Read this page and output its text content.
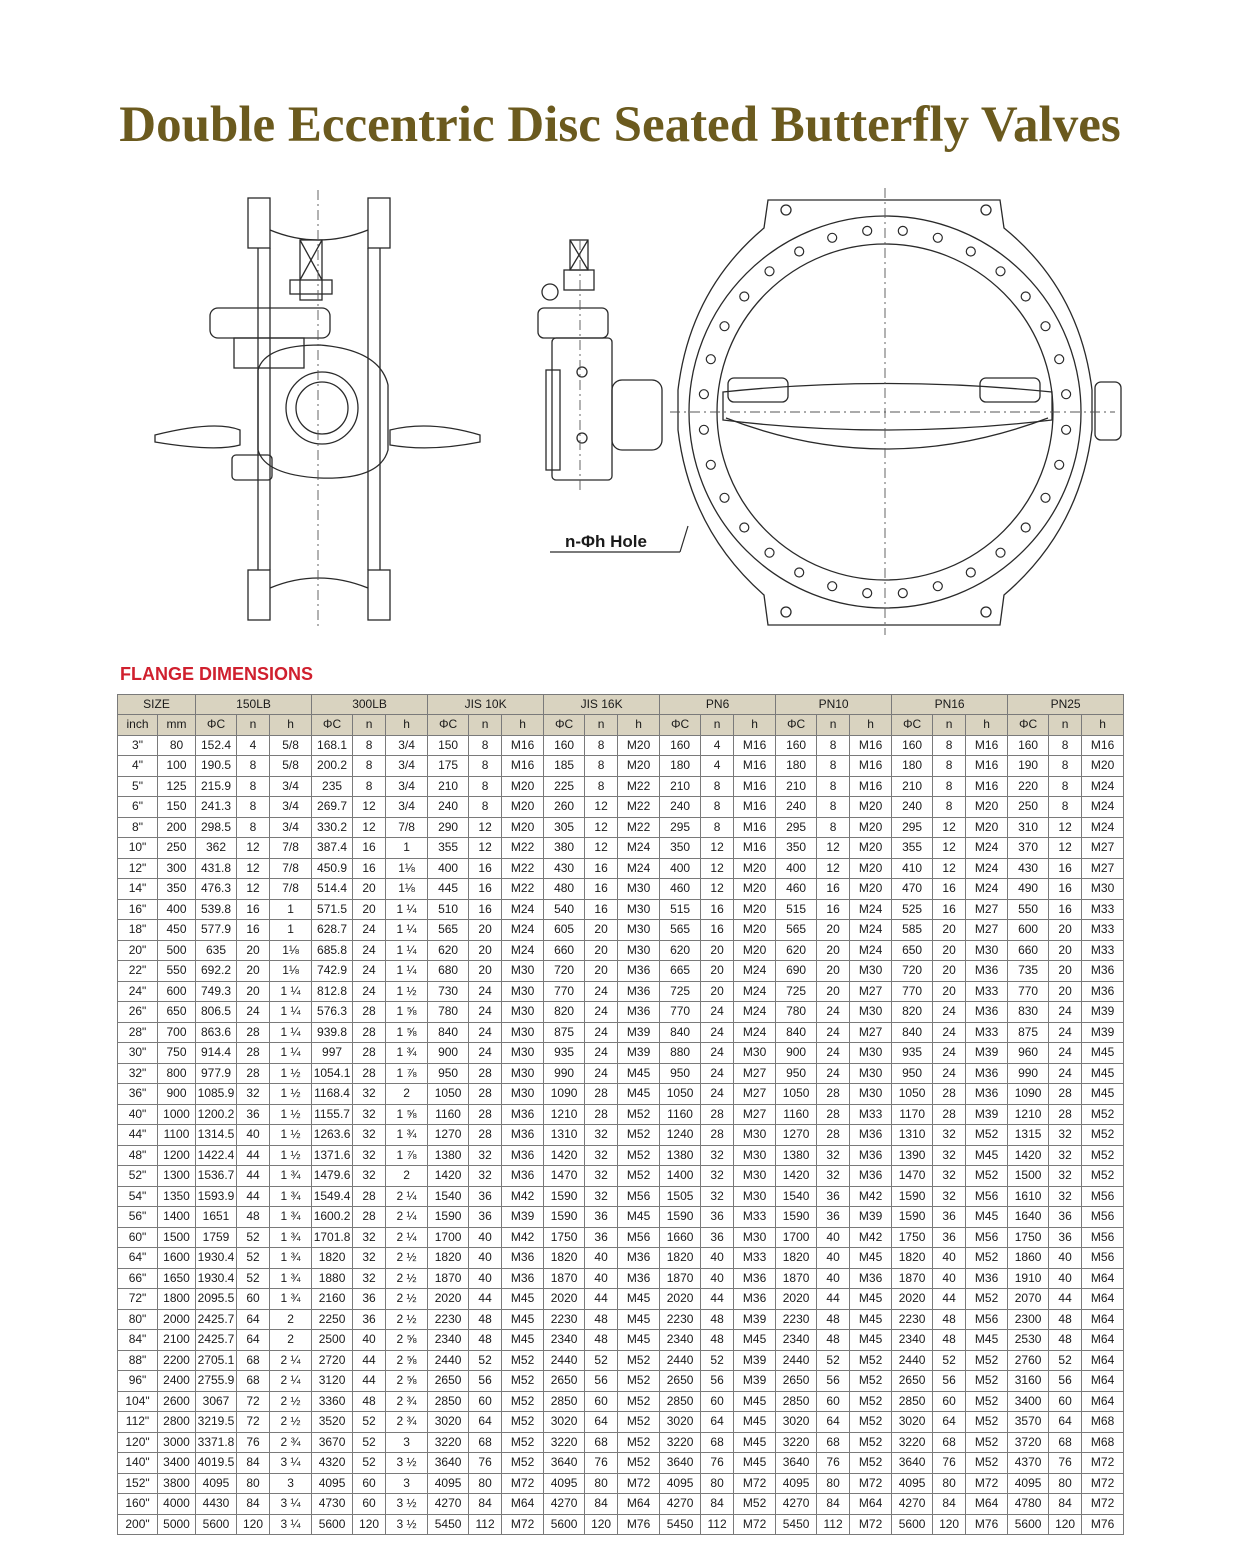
Double Eccentric Disc Seated Butterfly Valves
n-Φh Hole
FLANGE DIMENSIONS
SIZE		150LB			300LB			JIS 10K			JIS 16K			PN6			PN10			PN16			PN25		
inch	mm	ΦC	n	h	ΦC	n	h	ΦC	n	h	ΦC	n	h	ΦC	n	h	ΦC	n	h	ΦC	n	h	ΦC	n	h
3"	80	152.4	4	5/8	168.1	8	3/4	150	8	M16	160	8	M20	160	4	M16	160	8	M16	160	8	M16	160	8	M16
4"	100	190.5	8	5/8	200.2	8	3/4	175	8	M16	185	8	M20	180	4	M16	180	8	M16	180	8	M16	190	8	M20
5"	125	215.9	8	3/4	235	8	3/4	210	8	M20	225	8	M22	210	8	M16	210	8	M16	210	8	M16	220	8	M24
6"	150	241.3	8	3/4	269.7	12	3/4	240	8	M20	260	12	M22	240	8	M16	240	8	M20	240	8	M20	250	8	M24
8"	200	298.5	8	3/4	330.2	12	7/8	290	12	M20	305	12	M22	295	8	M16	295	8	M20	295	12	M20	310	12	M24
10"	250	362	12	7/8	387.4	16	1	355	12	M22	380	12	M24	350	12	M16	350	12	M20	355	12	M24	370	12	M27
12"	300	431.8	12	7/8	450.9	16	1⅛	400	16	M22	430	16	M24	400	12	M20	400	12	M20	410	12	M24	430	16	M27
14"	350	476.3	12	7/8	514.4	20	1⅛	445	16	M22	480	16	M30	460	12	M20	460	16	M20	470	16	M24	490	16	M30
16"	400	539.8	16	1	571.5	20	1 ¼	510	16	M24	540	16	M30	515	16	M20	515	16	M24	525	16	M27	550	16	M33
18"	450	577.9	16	1	628.7	24	1 ¼	565	20	M24	605	20	M30	565	16	M20	565	20	M24	585	20	M27	600	20	M33
20"	500	635	20	1⅛	685.8	24	1 ¼	620	20	M24	660	20	M30	620	20	M20	620	20	M24	650	20	M30	660	20	M33
22"	550	692.2	20	1⅛	742.9	24	1 ¼	680	20	M30	720	20	M36	665	20	M24	690	20	M30	720	20	M36	735	20	M36
24"	600	749.3	20	1 ¼	812.8	24	1 ½	730	24	M30	770	24	M36	725	20	M24	725	20	M27	770	20	M33	770	20	M36
26"	650	806.5	24	1 ¼	576.3	28	1 ⅝	780	24	M30	820	24	M36	770	24	M24	780	24	M30	820	24	M36	830	24	M39
28"	700	863.6	28	1 ¼	939.8	28	1 ⅝	840	24	M30	875	24	M39	840	24	M24	840	24	M27	840	24	M33	875	24	M39
30"	750	914.4	28	1 ¼	997	28	1 ¾	900	24	M30	935	24	M39	880	24	M30	900	24	M30	935	24	M39	960	24	M45
32"	800	977.9	28	1 ½	1054.1	28	1 ⅞	950	28	M30	990	24	M45	950	24	M27	950	24	M30	950	24	M36	990	24	M45
36"	900	1085.9	32	1 ½	1168.4	32	2	1050	28	M30	1090	28	M45	1050	24	M27	1050	28	M30	1050	28	M36	1090	28	M45
40"	1000	1200.2	36	1 ½	1155.7	32	1 ⅝	1160	28	M36	1210	28	M52	1160	28	M27	1160	28	M33	1170	28	M39	1210	28	M52
44"	1100	1314.5	40	1 ½	1263.6	32	1 ¾	1270	28	M36	1310	32	M52	1240	28	M30	1270	28	M36	1310	32	M52	1315	32	M52
48"	1200	1422.4	44	1 ½	1371.6	32	1 ⅞	1380	32	M36	1420	32	M52	1380	32	M30	1380	32	M36	1390	32	M45	1420	32	M52
52"	1300	1536.7	44	1 ¾	1479.6	32	2	1420	32	M36	1470	32	M52	1400	32	M30	1420	32	M36	1470	32	M52	1500	32	M52
54"	1350	1593.9	44	1 ¾	1549.4	28	2 ¼	1540	36	M42	1590	32	M56	1505	32	M30	1540	36	M42	1590	32	M56	1610	32	M56
56"	1400	1651	48	1 ¾	1600.2	28	2 ¼	1590	36	M39	1590	36	M45	1590	36	M33	1590	36	M39	1590	36	M45	1640	36	M56
60"	1500	1759	52	1 ¾	1701.8	32	2 ¼	1700	40	M42	1750	36	M56	1660	36	M30	1700	40	M42	1750	36	M56	1750	36	M56
64"	1600	1930.4	52	1 ¾	1820	32	2 ½	1820	40	M36	1820	40	M36	1820	40	M33	1820	40	M45	1820	40	M52	1860	40	M56
66"	1650	1930.4	52	1 ¾	1880	32	2 ½	1870	40	M36	1870	40	M36	1870	40	M36	1870	40	M36	1870	40	M36	1910	40	M64
72"	1800	2095.5	60	1 ¾	2160	36	2 ½	2020	44	M45	2020	44	M45	2020	44	M36	2020	44	M45	2020	44	M52	2070	44	M64
80"	2000	2425.7	64	2	2250	36	2 ½	2230	48	M45	2230	48	M45	2230	48	M39	2230	48	M45	2230	48	M56	2300	48	M64
84"	2100	2425.7	64	2	2500	40	2 ⅝	2340	48	M45	2340	48	M45	2340	48	M45	2340	48	M45	2340	48	M45	2530	48	M64
88"	2200	2705.1	68	2 ¼	2720	44	2 ⅝	2440	52	M52	2440	52	M52	2440	52	M39	2440	52	M52	2440	52	M52	2760	52	M64
96"	2400	2755.9	68	2 ¼	3120	44	2 ⅝	2650	56	M52	2650	56	M52	2650	56	M39	2650	56	M52	2650	56	M52	3160	56	M64
104"	2600	3067	72	2 ½	3360	48	2 ¾	2850	60	M52	2850	60	M52	2850	60	M45	2850	60	M52	2850	60	M52	3400	60	M64
112"	2800	3219.5	72	2 ½	3520	52	2 ¾	3020	64	M52	3020	64	M52	3020	64	M45	3020	64	M52	3020	64	M52	3570	64	M68
120"	3000	3371.8	76	2 ¾	3670	52	3	3220	68	M52	3220	68	M52	3220	68	M45	3220	68	M52	3220	68	M52	3720	68	M68
140"	3400	4019.5	84	3 ¼	4320	52	3 ½	3640	76	M52	3640	76	M52	3640	76	M45	3640	76	M52	3640	76	M52	4370	76	M72
152"	3800	4095	80	3	4095	60	3	4095	80	M72	4095	80	M72	4095	80	M72	4095	80	M72	4095	80	M72	4095	80	M72
160"	4000	4430	84	3 ¼	4730	60	3 ½	4270	84	M64	4270	84	M64	4270	84	M52	4270	84	M64	4270	84	M64	4780	84	M72
200"	5000	5600	120	3 ¼	5600	120	3 ½	5450	112	M72	5600	120	M76	5450	112	M72	5450	112	M72	5600	120	M76	5600	120	M76
